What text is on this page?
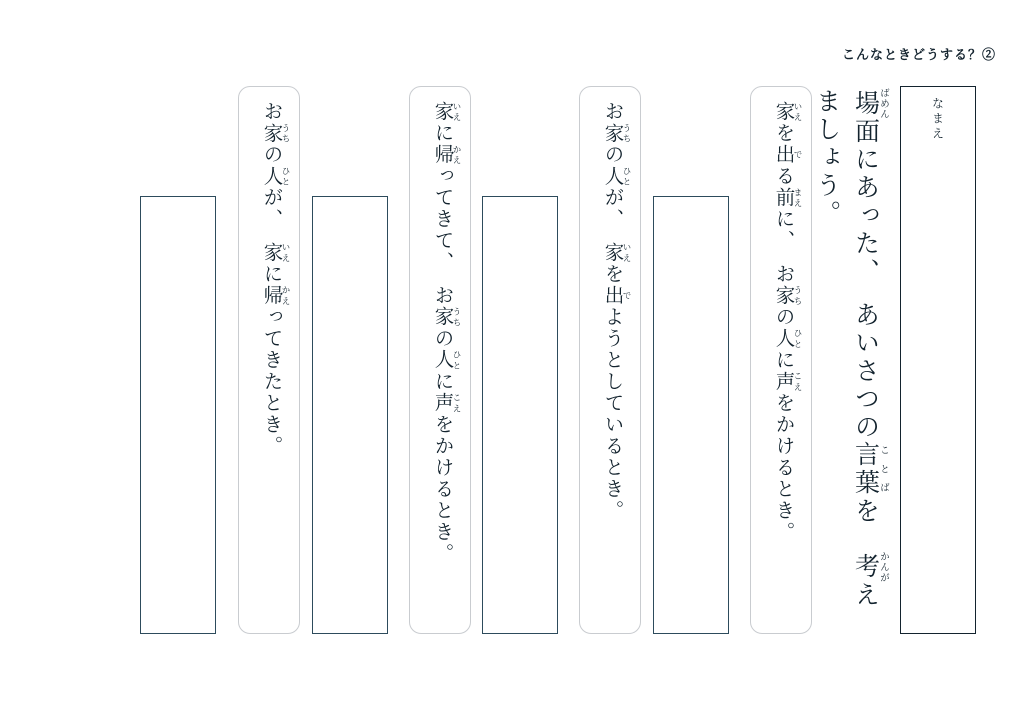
こんなときどうする？②
なまえ
場 ばめん面にあった、　あいさつの言葉 ことばを　考 かんがえましょう。
家 いえを出 でる前 まえに、　お家 うちの人 ひとに声 こえをかけるとき。
お家 うちの人 ひとが、　家 いえを出 でようとしているとき。
家 いえに帰 かえってきて、　お家 うちの人 ひとに声 こえをかけるとき。
お家 うちの人 ひとが、　家 いえに帰 かえってきたとき。
